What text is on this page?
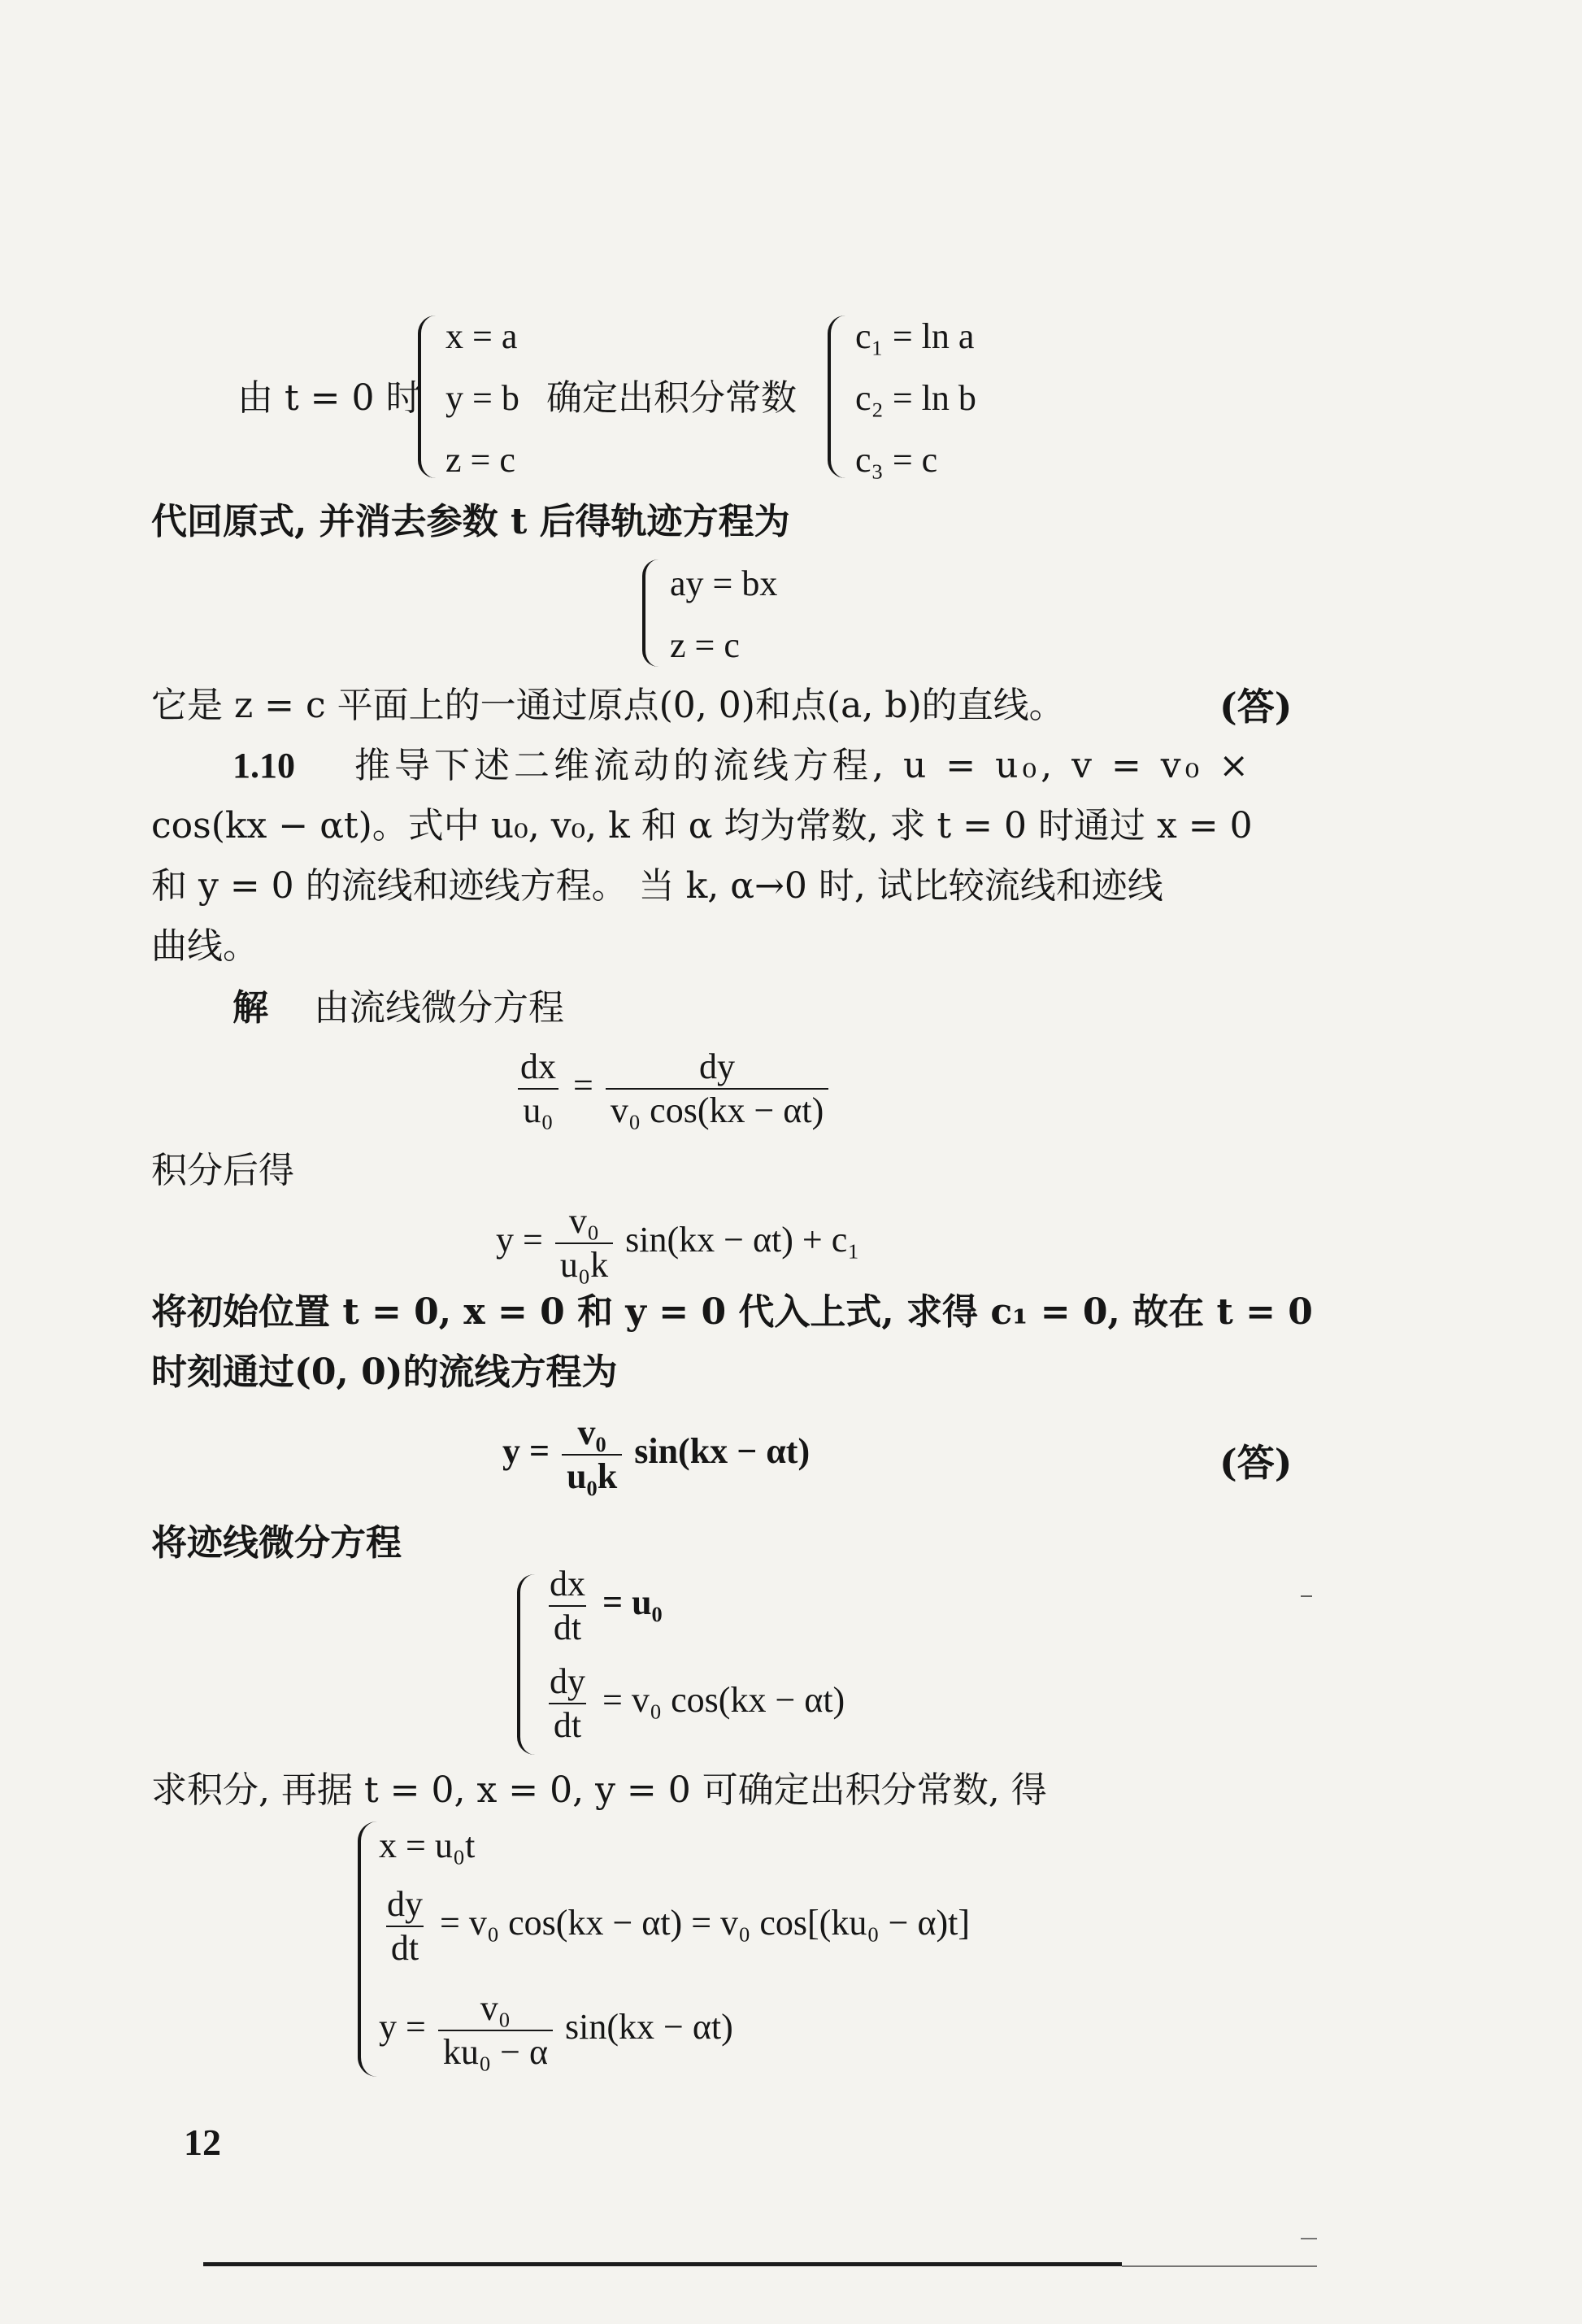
由 t = 0 时
x = a
y = b
z = c
确定出积分常数
c₁ = ln a
c₂ = ln b
c₃ = c
代回原式, 并消去参数 t 后得轨迹方程为
ay = bx
z = c
它是 z = c 平面上的一通过原点(0, 0)和点(a, b)的直线。	(答)
1.10 推导下述二维流动的流线方程, u = u₀, v = v₀ ×
cos(kx − αt)。式中 u₀, v₀, k 和 α 均为常数, 求 t = 0 时通过 x = 0
和 y = 0 的流线和迹线方程。 当 k, α→0 时, 试比较流线和迹线
曲线。
解 由流线微分方程
$\frac{dx}{\text{u₀}} = \frac{dy}{\text{v₀ cos(kx − αt)}}$
积分后得
$y = \frac{\text{v₀}}{\text{u₀k}} \sin(kx - \alpha t) + c_1$
将初始位置 t = 0, x = 0 和 y = 0 代入上式, 求得 c₁ = 0, 故在 t = 0
时刻通过(0, 0)的流线方程为
$y = \frac{\text{v₀}}{\text{u₀k}} \sin(kx - \alpha t)$	(答)
将迹线微分方程
$\frac{dx}{dt} = u_0$
$\frac{dy}{dt} = v_0$ cos(kx − αt)
求积分, 再据 t = 0, x = 0, y = 0 可确定出积分常数, 得
x = u₀t
$\frac{dy}{dt} = v_0$ cos(kx − αt) = v₀ cos[(ku₀ − α)t]
$y = \frac{\text{v₀}}{\text{ku₀ − α}} \sin(kx - \alpha t)$
12
